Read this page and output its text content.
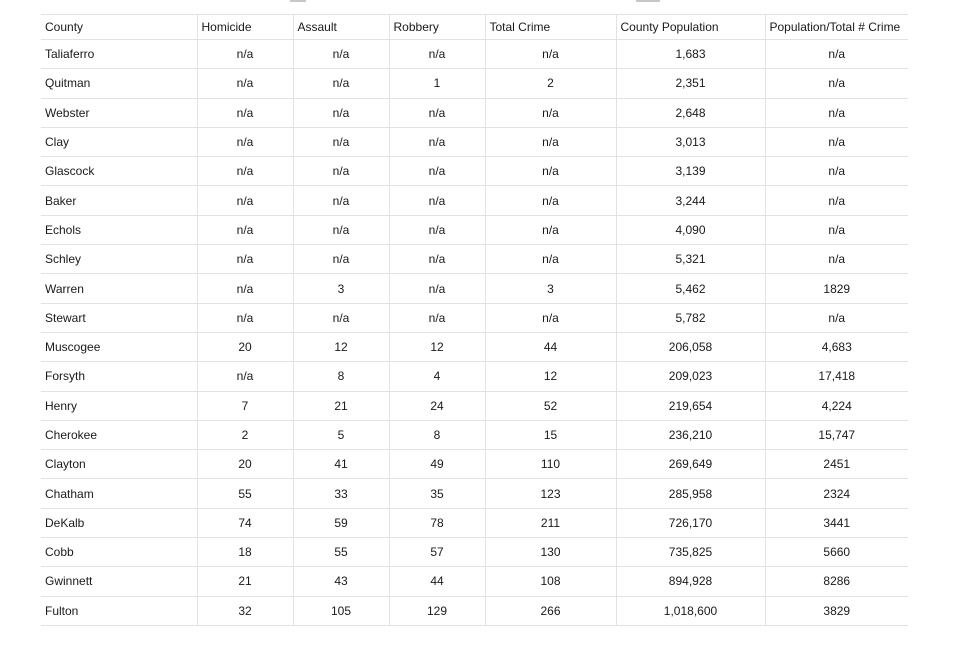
County	Homicide	Assault	Robbery	Total Crime	County Population	Population/Total # Crime
Taliaferro	n/a	n/a	n/a	n/a	1,683	n/a
Quitman	n/a	n/a	1	2	2,351	n/a
Webster	n/a	n/a	n/a	n/a	2,648	n/a
Clay	n/a	n/a	n/a	n/a	3,013	n/a
Glascock	n/a	n/a	n/a	n/a	3,139	n/a
Baker	n/a	n/a	n/a	n/a	3,244	n/a
Echols	n/a	n/a	n/a	n/a	4,090	n/a
Schley	n/a	n/a	n/a	n/a	5,321	n/a
Warren	n/a	3	n/a	3	5,462	1829
Stewart	n/a	n/a	n/a	n/a	5,782	n/a
Muscogee	20	12	12	44	206,058	4,683
Forsyth	n/a	8	4	12	209,023	17,418
Henry	7	21	24	52	219,654	4,224
Cherokee	2	5	8	15	236,210	15,747
Clayton	20	41	49	110	269,649	2451
Chatham	55	33	35	123	285,958	2324
DeKalb	74	59	78	211	726,170	3441
Cobb	18	55	57	130	735,825	5660
Gwinnett	21	43	44	108	894,928	8286
Fulton	32	105	129	266	1,018,600	3829
